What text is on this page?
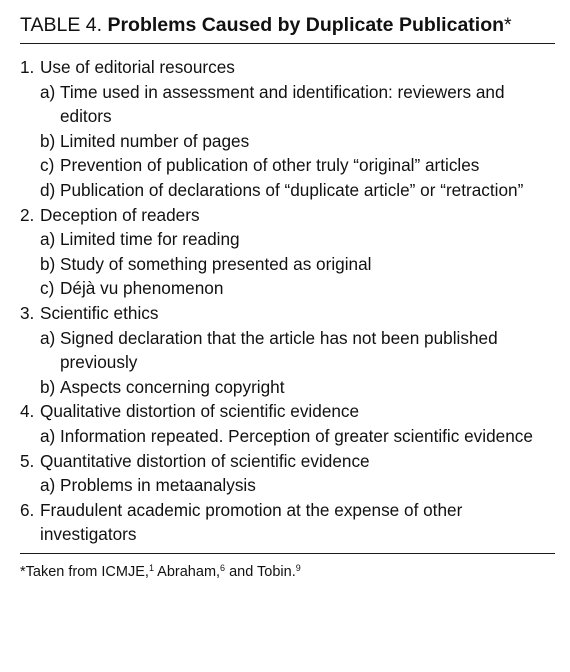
TABLE 4. Problems Caused by Duplicate Publication*
1. Use of editorial resources
a) Time used in assessment and identification: reviewers and editors
b) Limited number of pages
c) Prevention of publication of other truly “original” articles
d) Publication of declarations of “duplicate article” or “retraction”
2. Deception of readers
a) Limited time for reading
b) Study of something presented as original
c) Déjà vu phenomenon
3. Scientific ethics
a) Signed declaration that the article has not been published previously
b) Aspects concerning copyright
4. Qualitative distortion of scientific evidence
a) Information repeated. Perception of greater scientific evidence
5. Quantitative distortion of scientific evidence
a) Problems in metaanalysis
6. Fraudulent academic promotion at the expense of other investigators

*Taken from ICMJE,$^1$ Abraham,$^6$ and Tobin.$^9$
